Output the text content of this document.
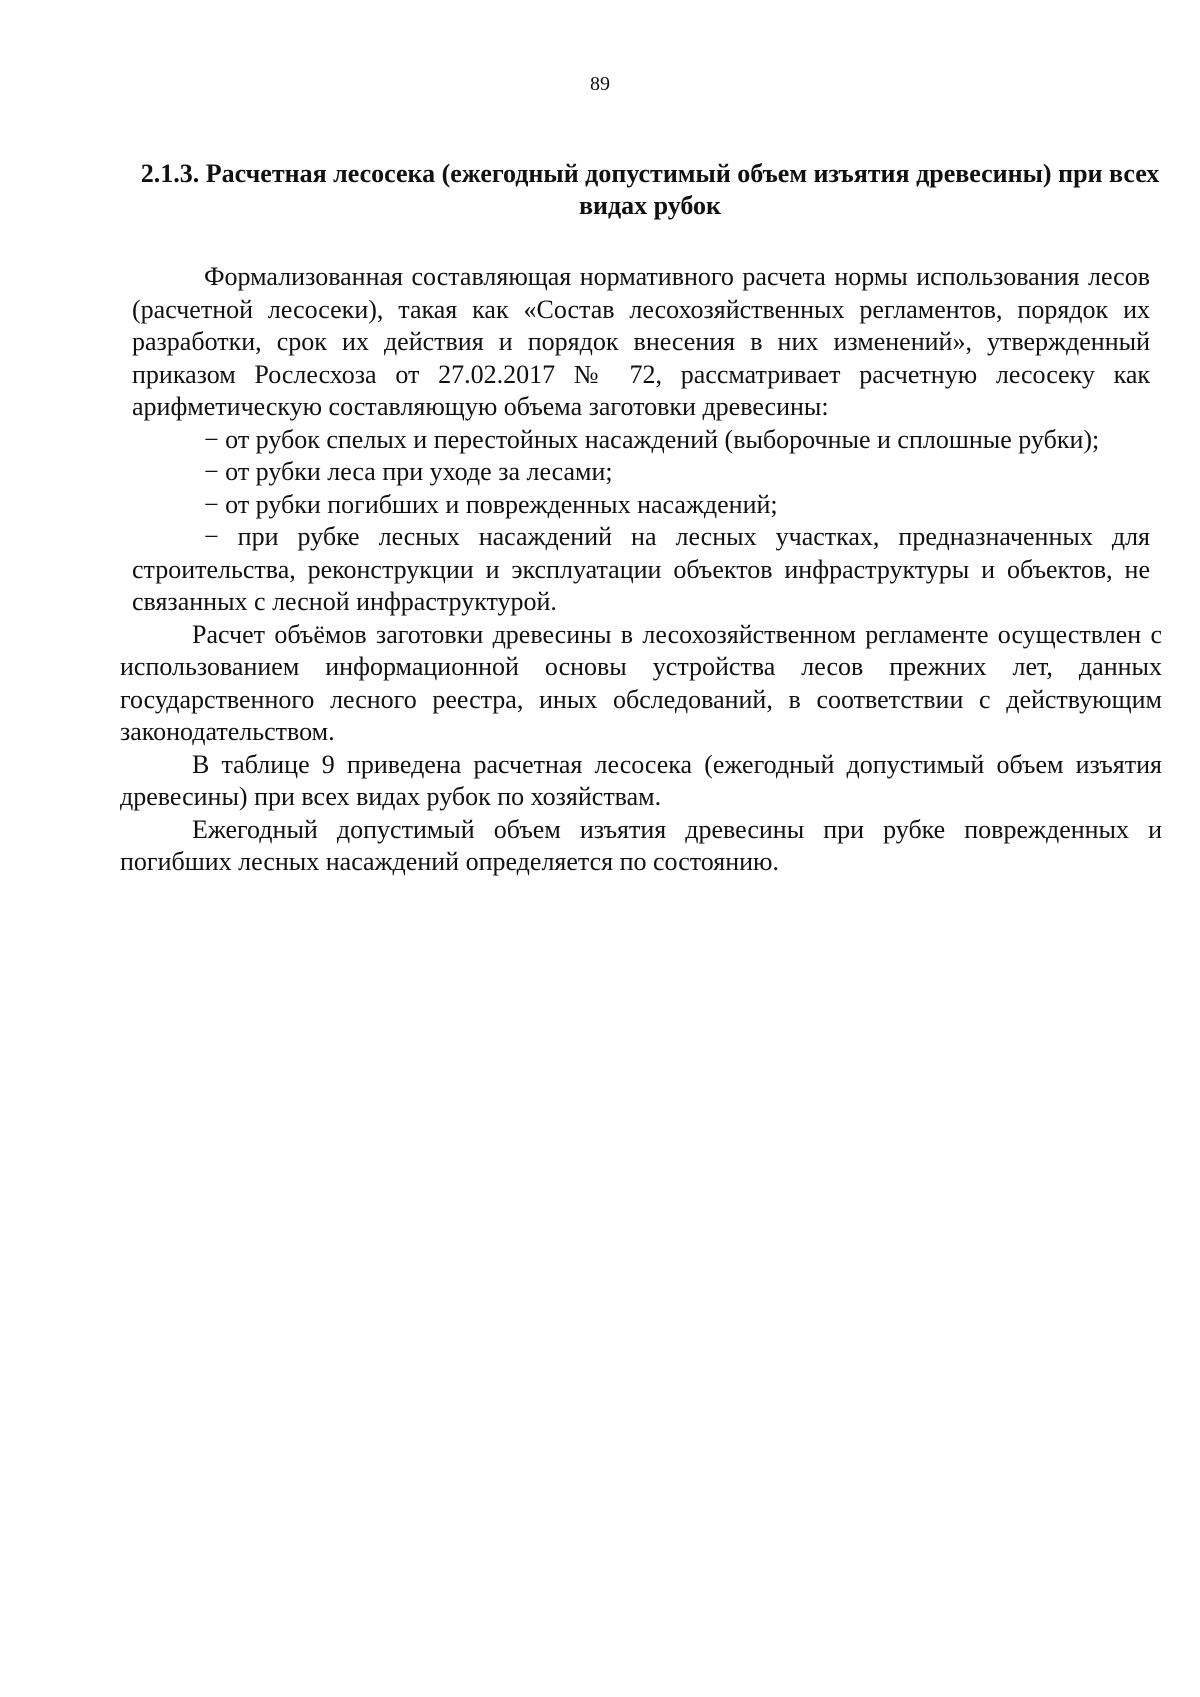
89
2.1.3. Расчетная лесосека (ежегодный допустимый объем изъятия древесины) при всех видах рубок

Формализованная составляющая нормативного расчета нормы использования лесов (расчетной лесосеки), такая как «Состав лесохозяйственных регламентов, порядок их разработки, срок их действия и порядок внесения в них изменений», утвержденный приказом Рослесхоза от 27.02.2017 № 72, рассматривает расчетную лесосеку как арифметическую составляющую объема заготовки древесины:

− от рубок спелых и перестойных насаждений (выборочные и сплошные рубки);

− от рубки леса при уходе за лесами;

− от рубки погибших и поврежденных насаждений;

− при рубке лесных насаждений на лесных участках, предназначенных для строительства, реконструкции и эксплуатации объектов инфраструктуры и объектов, не связанных с лесной инфраструктурой.

Расчет объёмов заготовки древесины в лесохозяйственном регламенте осуществлен с использованием информационной основы устройства лесов прежних лет, данных государственного лесного реестра, иных обследований, в соответствии с действующим законодательством.

В таблице 9 приведена расчетная лесосека (ежегодный допустимый объем изъятия древесины) при всех видах рубок по хозяйствам.

Ежегодный допустимый объем изъятия древесины при рубке поврежденных и погибших лесных насаждений определяется по состоянию.
